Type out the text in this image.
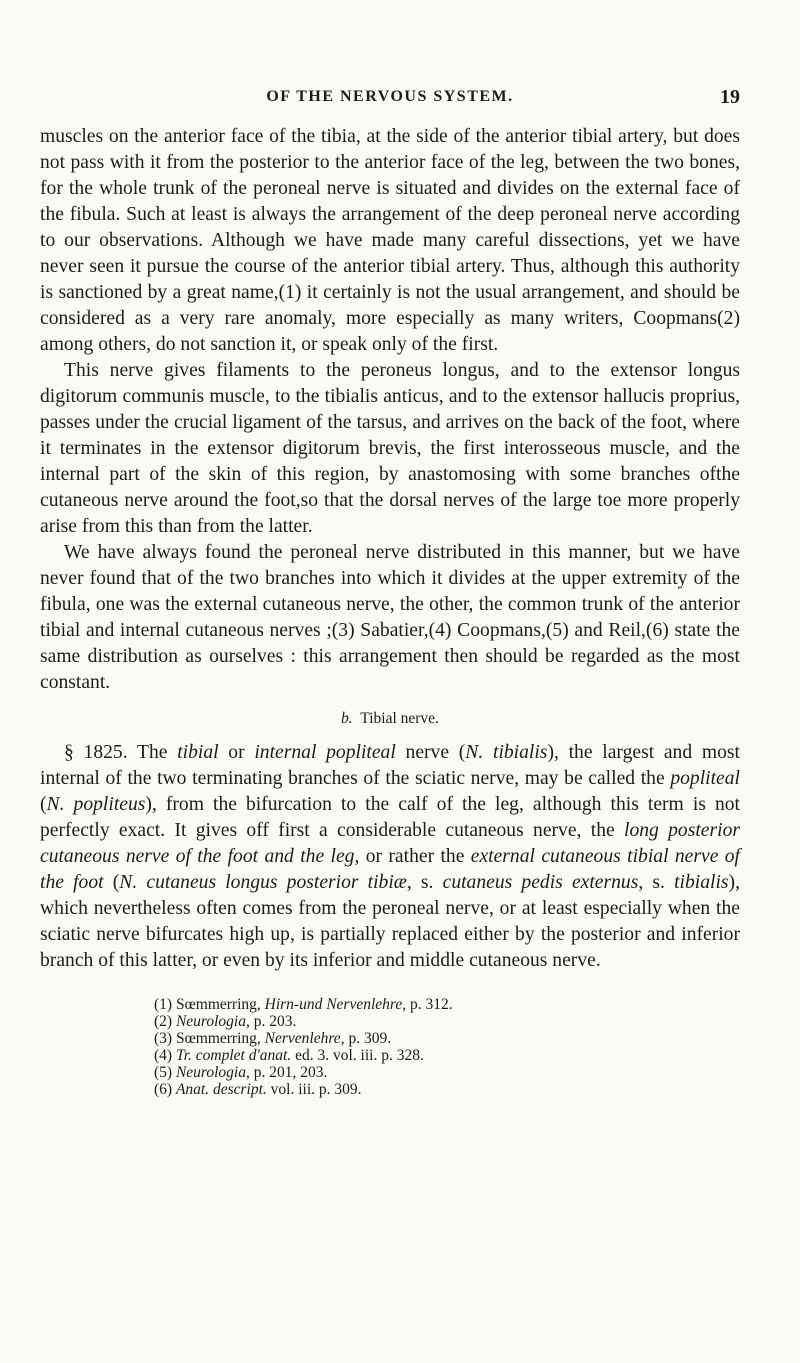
OF THE NERVOUS SYSTEM.	19

muscles on the anterior face of the tibia, at the side of the anterior tibial artery, but does not pass with it from the posterior to the anterior face of the leg, between the two bones, for the whole trunk of the peroneal nerve is situated and divides on the external face of the fibula. Such at least is always the arrangement of the deep peroneal nerve according to our observations. Although we have made many careful dissections, yet we have never seen it pursue the course of the anterior tibial artery. Thus, although this authority is sanctioned by a great name,(1) it certainly is not the usual arrangement, and should be considered as a very rare anomaly, more especially as many writers, Coopmans(2) among others, do not sanction it, or speak only of the first.

This nerve gives filaments to the peroneus longus, and to the extensor longus digitorum communis muscle, to the tibialis anticus, and to the extensor hallucis proprius, passes under the crucial ligament of the tarsus, and arrives on the back of the foot, where it terminates in the extensor digitorum brevis, the first interosseous muscle, and the internal part of the skin of this region, by anastomosing with some branches ofthe cutaneous nerve around the foot,so that the dorsal nerves of the large toe more properly arise from this than from the latter.

We have always found the peroneal nerve distributed in this manner, but we have never found that of the two branches into which it divides at the upper extremity of the fibula, one was the external cutaneous nerve, the other, the common trunk of the anterior tibial and internal cutaneous nerves ;(3) Sabatier,(4) Coopmans,(5) and Reil,(6) state the same distribution as ourselves : this arrangement then should be regarded as the most constant.

b. Tibial nerve.

§ 1825. The tibial or internal popliteal nerve (N. tibialis), the largest and most internal of the two terminating branches of the sciatic nerve, may be called the popliteal (N. popliteus), from the bifurcation to the calf of the leg, although this term is not perfectly exact. It gives off first a considerable cutaneous nerve, the long posterior cutaneous nerve of the foot and the leg, or rather the external cutaneous tibial nerve of the foot (N. cutaneus longus posterior tibiæ, s. cutaneus pedis externus, s. tibialis), which nevertheless often comes from the peroneal nerve, or at least especially when the sciatic nerve bifurcates high up, is partially replaced either by the posterior and inferior branch of this latter, or even by its inferior and middle cutaneous nerve.

(1) Sœmmerring, Hirn-und Nervenlehre, p. 312.
(2) Neurologia, p. 203.
(3) Sœmmerring, Nervenlehre, p. 309.
(4) Tr. complet d'anat. ed. 3. vol. iii. p. 328.
(5) Neurologia, p. 201, 203.
(6) Anat. descript. vol. iii. p. 309.
